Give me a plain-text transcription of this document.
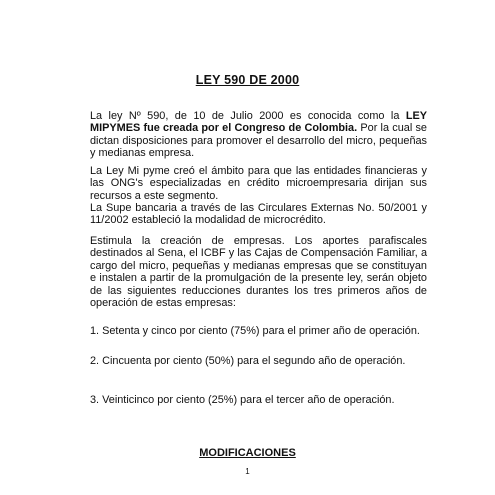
LEY 590 DE 2000
La ley Nº 590, de 10 de Julio 2000 es conocida como la LEY MIPYMES fue creada por el Congreso de Colombia. Por la cual se dictan disposiciones para promover el desarrollo del micro, pequeñas y medianas empresa.
La Ley Mi pyme creó el ámbito para que las entidades financieras y las ONG's especializadas en crédito microempresaria dirijan sus recursos a este segmento.
La Supe bancaria a través de las Circulares Externas No. 50/2001 y 11/2002 estableció la modalidad de microcrédito.
Estimula la creación de empresas. Los aportes parafiscales destinados al Sena, el ICBF y las Cajas de Compensación Familiar, a cargo del micro, pequeñas y medianas empresas que se constituyan e instalen a partir de la promulgación de la presente ley, serán objeto de las siguientes reducciones durantes los tres primeros años de operación de estas empresas:
1. Setenta y cinco por ciento (75%) para el primer año de operación.
2. Cincuenta por ciento (50%) para el segundo año de operación.
3. Veinticinco por ciento (25%) para el tercer año de operación.
MODIFICACIONES
1
